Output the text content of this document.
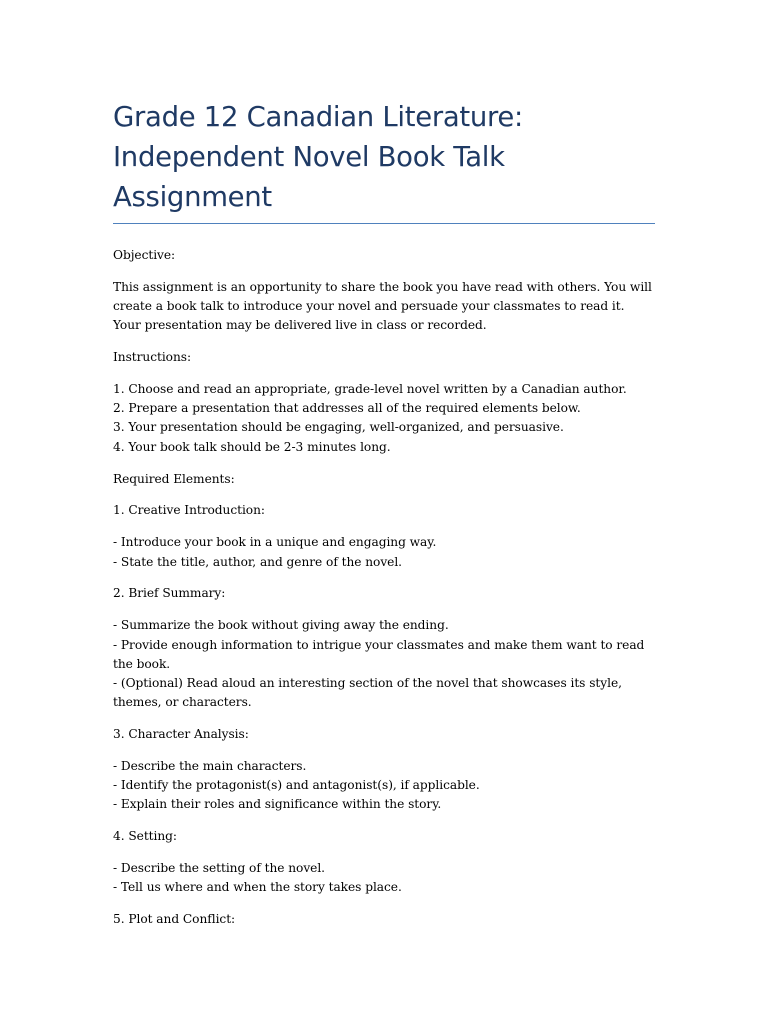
Grade 12 Canadian Literature: Independent Novel Book Talk Assignment

Objective:

This assignment is an opportunity to share the book you have read with others. You will create a book talk to introduce your novel and persuade your classmates to read it. Your presentation may be delivered live in class or recorded.

Instructions:

1. Choose and read an appropriate, grade-level novel written by a Canadian author.
2. Prepare a presentation that addresses all of the required elements below.
3. Your presentation should be engaging, well-organized, and persuasive.
4. Your book talk should be 2-3 minutes long.

Required Elements:

1. Creative Introduction:

- Introduce your book in a unique and engaging way.
- State the title, author, and genre of the novel.

2. Brief Summary:

- Summarize the book without giving away the ending.
- Provide enough information to intrigue your classmates and make them want to read the book.
- (Optional) Read aloud an interesting section of the novel that showcases its style, themes, or characters.

3. Character Analysis:

- Describe the main characters.
- Identify the protagonist(s) and antagonist(s), if applicable.
- Explain their roles and significance within the story.

4. Setting:

- Describe the setting of the novel.
- Tell us where and when the story takes place.

5. Plot and Conflict:
